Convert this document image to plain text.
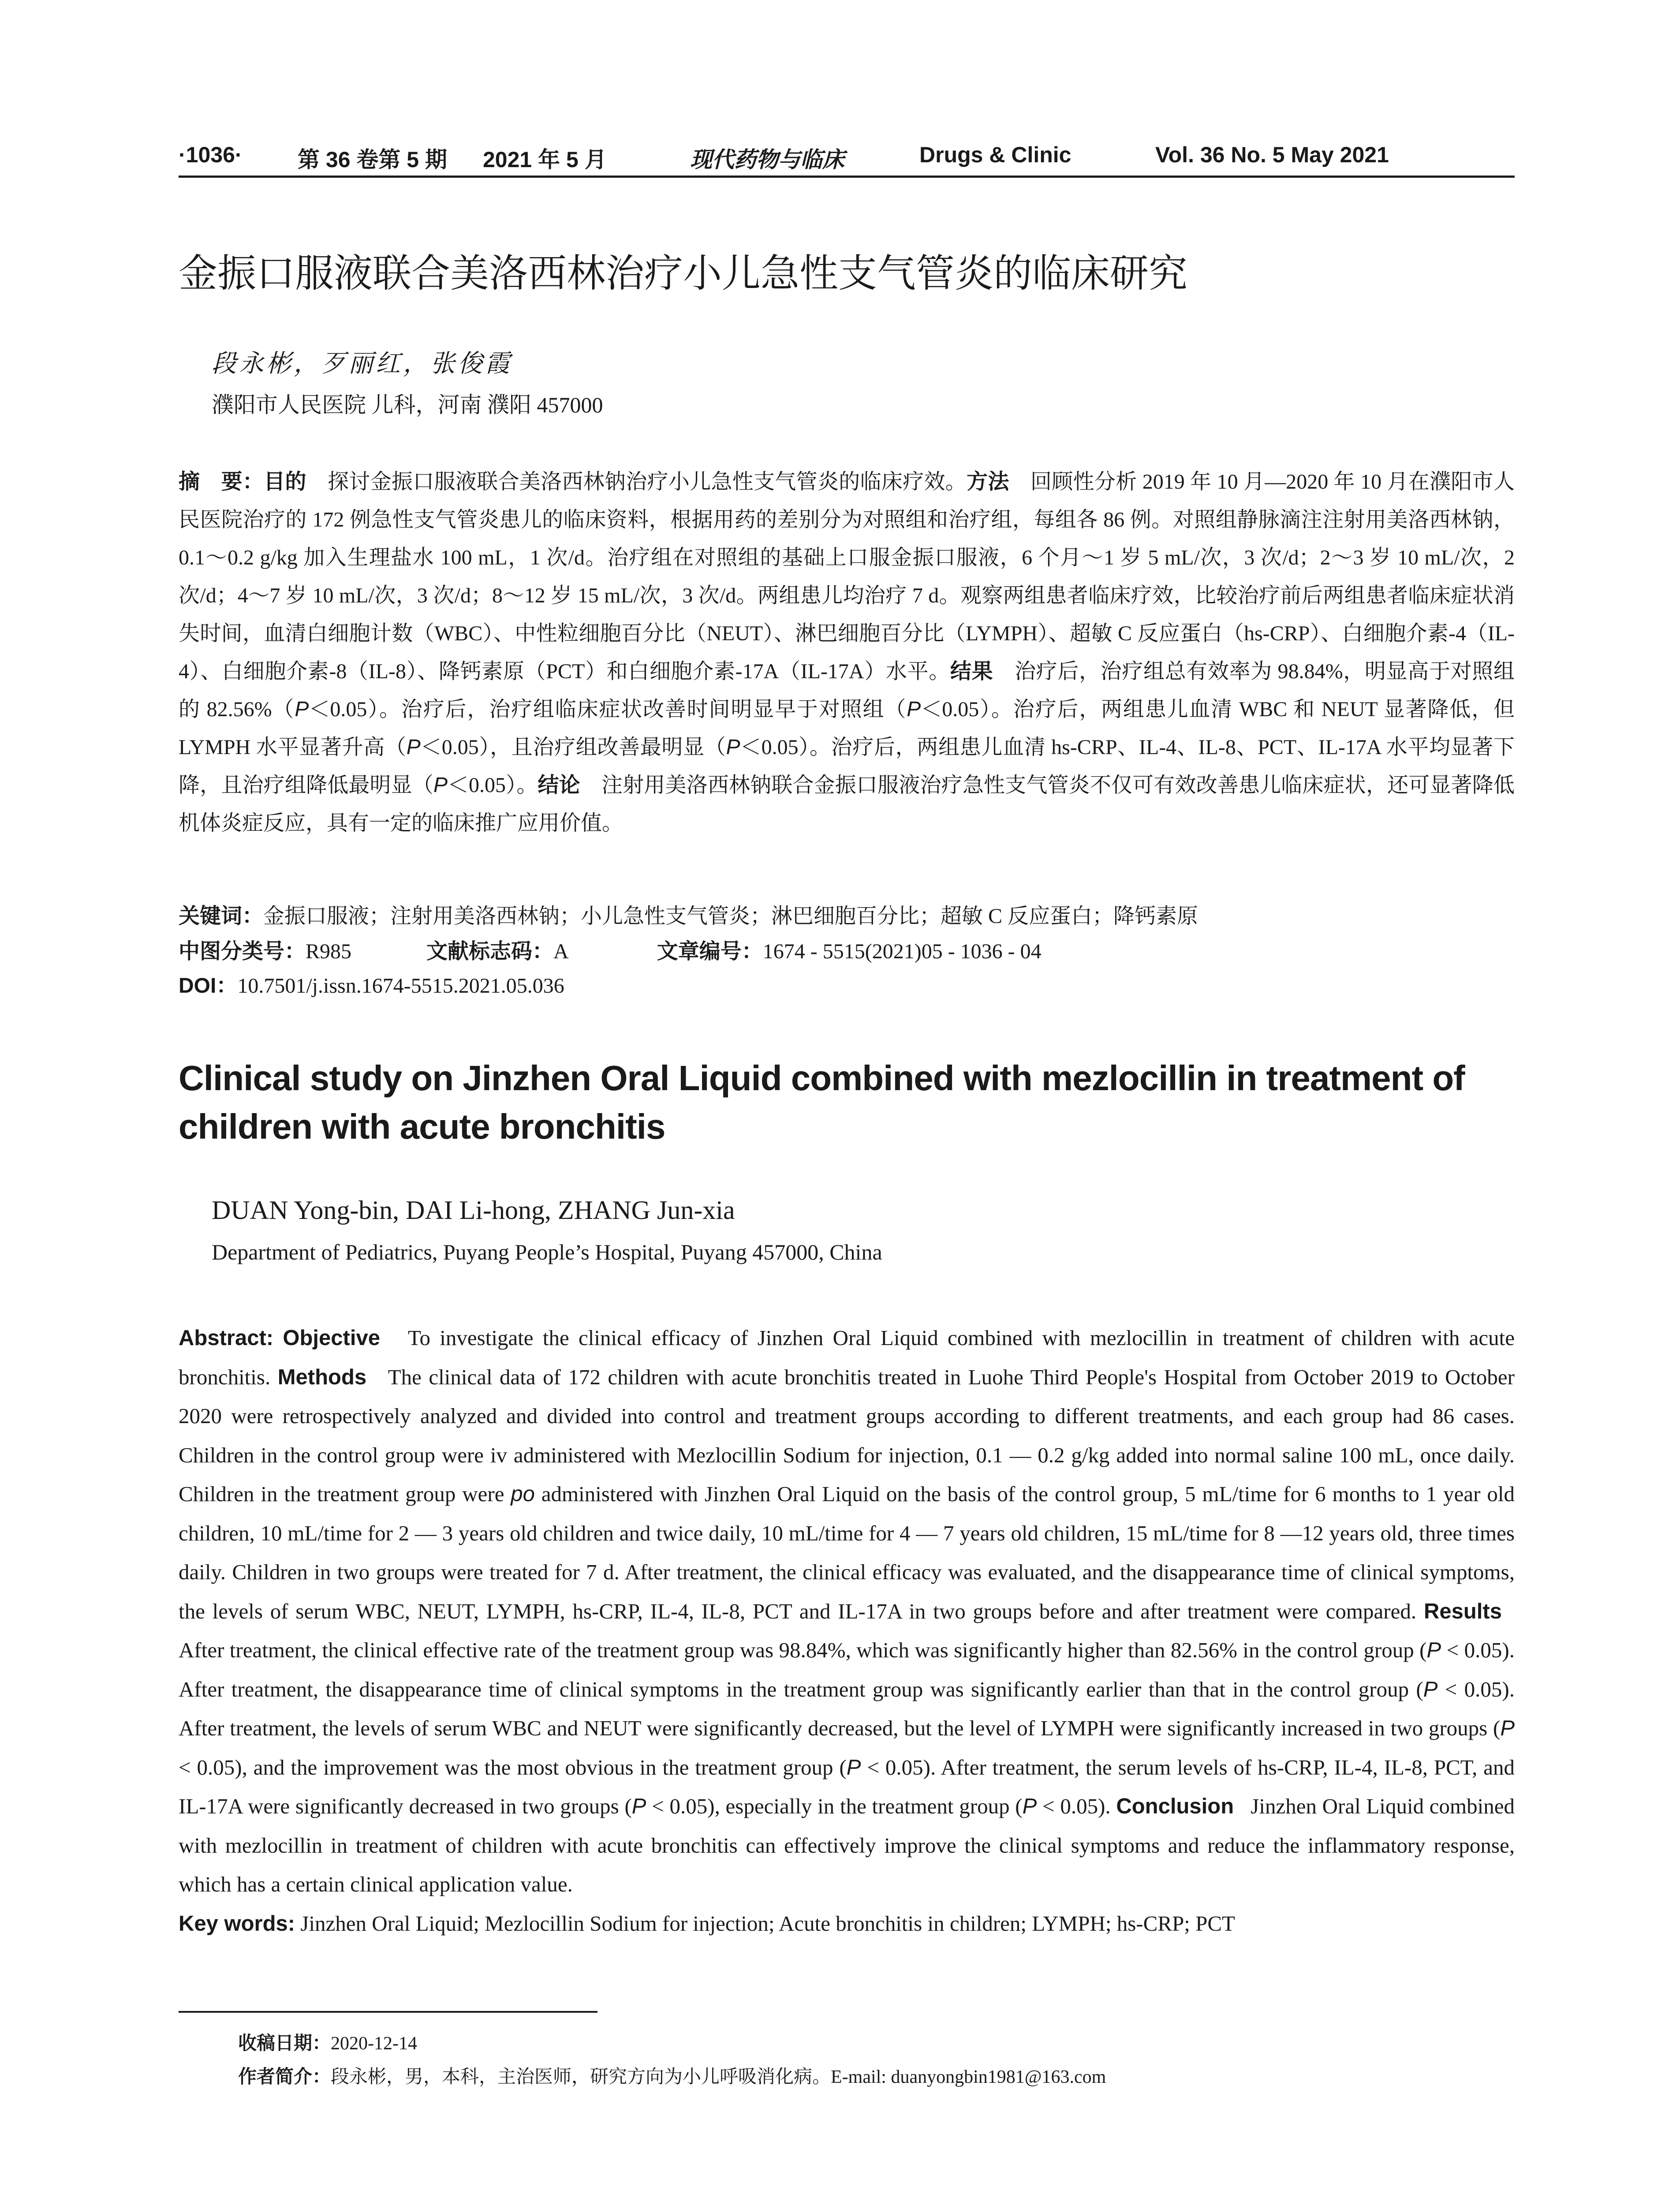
·1036·	第 36 卷第 5 期 2021 年 5 月	现代药物与临床	Drugs & Clinic	Vol. 36 No. 5 May 2021
金振口服液联合美洛西林治疗小儿急性支气管炎的临床研究
段永彬，歹丽红，张俊霞
濮阳市人民医院 儿科，河南 濮阳 457000
摘　要：目的　 探讨金振口服液联合美洛西林钠治疗小儿急性支气管炎的临床疗效。方法　 回顾性分析 2019 年 10 月—2020 年 10 月在濮阳市人民医院治疗的 172 例急性支气管炎患儿的临床资料，根据用药的差别分为对照组和治疗组，每组各 86 例。对照组静脉滴注注射用美洛西林钠，0.1～0.2 g/kg 加入生理盐水 100 mL，1 次/d。治疗组在对照组的基础上口服金振口服液，6 个月～1 岁 5 mL/次，3 次/d；2～3 岁 10 mL/次，2 次/d；4～7 岁 10 mL/次，3 次/d；8～12 岁 15 mL/次，3 次/d。两组患儿均治疗 7 d。观察两组患者临床疗效，比较治疗前后两组患者临床症状消失时间，血清白细胞计数（WBC）、中性粒细胞百分比（NEUT）、淋巴细胞百分比（LYMPH）、超敏 C 反应蛋白（hs-CRP）、白细胞介素-4（IL-4）、白细胞介素-8（IL-8）、降钙素原（PCT）和白细胞介素-17A（IL-17A）水平。结果　 治疗后，治疗组总有效率为 98.84%，明显高于对照组的 82.56%（P＜0.05）。治疗后，治疗组临床症状改善时间明显早于对照组（P＜0.05）。治疗后，两组患儿血清 WBC 和 NEUT 显著降低，但 LYMPH 水平显著升高（P＜0.05），且治疗组改善最明显（P＜0.05）。治疗后，两组患儿血清 hs-CRP、IL-4、IL-8、PCT、IL-17A 水平均显著下降，且治疗组降低最明显（P＜0.05）。结论　 注射用美洛西林钠联合金振口服液治疗急性支气管炎不仅可有效改善患儿临床症状，还可显著降低机体炎症反应，具有一定的临床推广应用价值。
关键词：金振口服液；注射用美洛西林钠；小儿急性支气管炎；淋巴细胞百分比；超敏 C 反应蛋白；降钙素原
中图分类号：R985	文献标志码：A	文章编号：1674 - 5515(2021)05 - 1036 - 04
DOI：10.7501/j.issn.1674-5515.2021.05.036
Clinical study on Jinzhen Oral Liquid combined with mezlocillin in treatment of children with acute bronchitis
DUAN Yong-bin, DAI Li-hong, ZHANG Jun-xia
Department of Pediatrics, Puyang People’s Hospital, Puyang 457000, China
Abstract: Objective To investigate the clinical efficacy of Jinzhen Oral Liquid combined with mezlocillin in treatment of children with acute bronchitis. Methods The clinical data of 172 children with acute bronchitis treated in Luohe Third People's Hospital from October 2019 to October 2020 were retrospectively analyzed and divided into control and treatment groups according to different treatments, and each group had 86 cases. Children in the control group were iv administered with Mezlocillin Sodium for injection, 0.1 — 0.2 g/kg added into normal saline 100 mL, once daily. Children in the treatment group were po administered with Jinzhen Oral Liquid on the basis of the control group, 5 mL/time for 6 months to 1 year old children, 10 mL/time for 2 — 3 years old children and twice daily, 10 mL/time for 4 — 7 years old children, 15 mL/time for 8 —12 years old, three times daily. Children in two groups were treated for 7 d. After treatment, the clinical efficacy was evaluated, and the disappearance time of clinical symptoms, the levels of serum WBC, NEUT, LYMPH, hs-CRP, IL-4, IL-8, PCT and IL-17A in two groups before and after treatment were compared. Results   After treatment, the clinical effective rate of the treatment group was 98.84%, which was significantly higher than 82.56% in the control group (P < 0.05). After treatment, the disappearance time of clinical symptoms in the treatment group was significantly earlier than that in the control group (P < 0.05). After treatment, the levels of serum WBC and NEUT were significantly decreased, but the level of LYMPH were significantly increased in two groups (P < 0.05), and the improvement was the most obvious in the treatment group (P < 0.05). After treatment, the serum levels of hs-CRP, IL-4, IL-8, PCT, and IL-17A were significantly decreased in two groups (P < 0.05), especially in the treatment group (P < 0.05). Conclusion Jinzhen Oral Liquid combined with mezlocillin in treatment of children with acute bronchitis can effectively improve the clinical symptoms and reduce the inflammatory response, which has a certain clinical application value.
Key words: Jinzhen Oral Liquid; Mezlocillin Sodium for injection; Acute bronchitis in children; LYMPH; hs-CRP; PCT
收稿日期：2020-12-14
作者简介：段永彬，男，本科，主治医师，研究方向为小儿呼吸消化病。E-mail: duanyongbin1981@163.com
